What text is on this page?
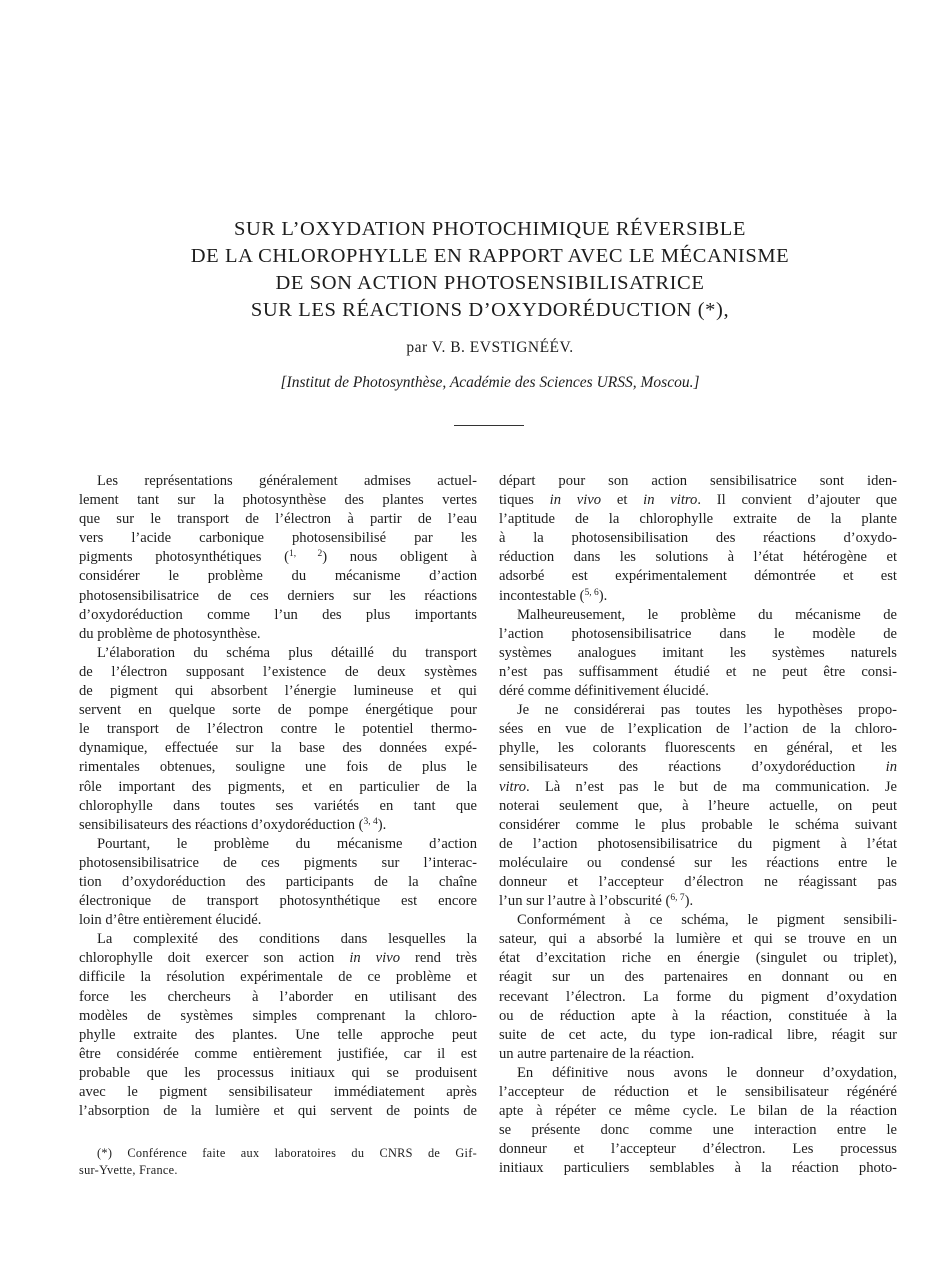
SUR L’OXYDATION PHOTOCHIMIQUE RÉVERSIBLE
DE LA CHLOROPHYLLE EN RAPPORT AVEC LE MÉCANISME
DE SON ACTION PHOTOSENSIBILISATRICE
SUR LES RÉACTIONS D’OXYDORÉDUCTION (*),
par V. B. EVSTIGNÉÉV.
[Institut de Photosynthèse, Académie des Sciences URSS, Moscou.]
Les représentations généralement admises actuel-
lement tant sur la photosynthèse des plantes vertes
que sur le transport de l’électron à partir de l’eau
vers l’acide carbonique photosensibilisé par les
pigments photosynthétiques ($^{1, 2}$) nous obligent à
considérer le problème du mécanisme d’action
photosensibilisatrice de ces derniers sur les réactions
d’oxydoréduction comme l’un des plus importants
du problème de photosynthèse.
L’élaboration du schéma plus détaillé du transport
de l’électron supposant l’existence de deux systèmes
de pigment qui absorbent l’énergie lumineuse et qui
servent en quelque sorte de pompe énergétique pour
le transport de l’électron contre le potentiel thermo-
dynamique, effectuée sur la base des données expé-
rimentales obtenues, souligne une fois de plus le
rôle important des pigments, et en particulier de la
chlorophylle dans toutes ses variétés en tant que
sensibilisateurs des réactions d’oxydoréduction ($^{3, 4}$).
Pourtant, le problème du mécanisme d’action
photosensibilisatrice de ces pigments sur l’interac-
tion d’oxydoréduction des participants de la chaîne
électronique de transport photosynthétique est encore
loin d’être entièrement élucidé.
La complexité des conditions dans lesquelles la
chlorophylle doit exercer son action in vivo rend très
difficile la résolution expérimentale de ce problème et
force les chercheurs à l’aborder en utilisant des
modèles de systèmes simples comprenant la chloro-
phylle extraite des plantes. Une telle approche peut
être considérée comme entièrement justifiée, car il est
probable que les processus initiaux qui se produisent
avec le pigment sensibilisateur immédiatement après
l’absorption de la lumière et qui servent de points de
(*) Conférence faite aux laboratoires du CNRS de Gif-
sur-Yvette, France.
départ pour son action sensibilisatrice sont iden-
tiques in vivo et in vitro. Il convient d’ajouter que
l’aptitude de la chlorophylle extraite de la plante
à la photosensibilisation des réactions d’oxydo-
réduction dans les solutions à l’état hétérogène et
adsorbé est expérimentalement démontrée et est
incontestable ($^{5, 6}$).
Malheureusement, le problème du mécanisme de
l’action photosensibilisatrice dans le modèle de
systèmes analogues imitant les systèmes naturels
n’est pas suffisamment étudié et ne peut être consi-
déré comme définitivement élucidé.
Je ne considérerai pas toutes les hypothèses propo-
sées en vue de l’explication de l’action de la chloro-
phylle, les colorants fluorescents en général, et les
sensibilisateurs des réactions d’oxydoréduction in
vitro. Là n’est pas le but de ma communication. Je
noterai seulement que, à l’heure actuelle, on peut
considérer comme le plus probable le schéma suivant
de l’action photosensibilisatrice du pigment à l’état
moléculaire ou condensé sur les réactions entre le
donneur et l’accepteur d’électron ne réagissant pas
l’un sur l’autre à l’obscurité ($^{6, 7}$).
Conformément à ce schéma, le pigment sensibili-
sateur, qui a absorbé la lumière et qui se trouve en un
état d’excitation riche en énergie (singulet ou triplet),
réagit sur un des partenaires en donnant ou en
recevant l’électron. La forme du pigment d’oxydation
ou de réduction apte à la réaction, constituée à la
suite de cet acte, du type ion-radical libre, réagit sur
un autre partenaire de la réaction.
En définitive nous avons le donneur d’oxydation,
l’accepteur de réduction et le sensibilisateur régénéré
apte à répéter ce même cycle. Le bilan de la réaction
se présente donc comme une interaction entre le
donneur et l’accepteur d’électron. Les processus
initiaux particuliers semblables à la réaction photo-
